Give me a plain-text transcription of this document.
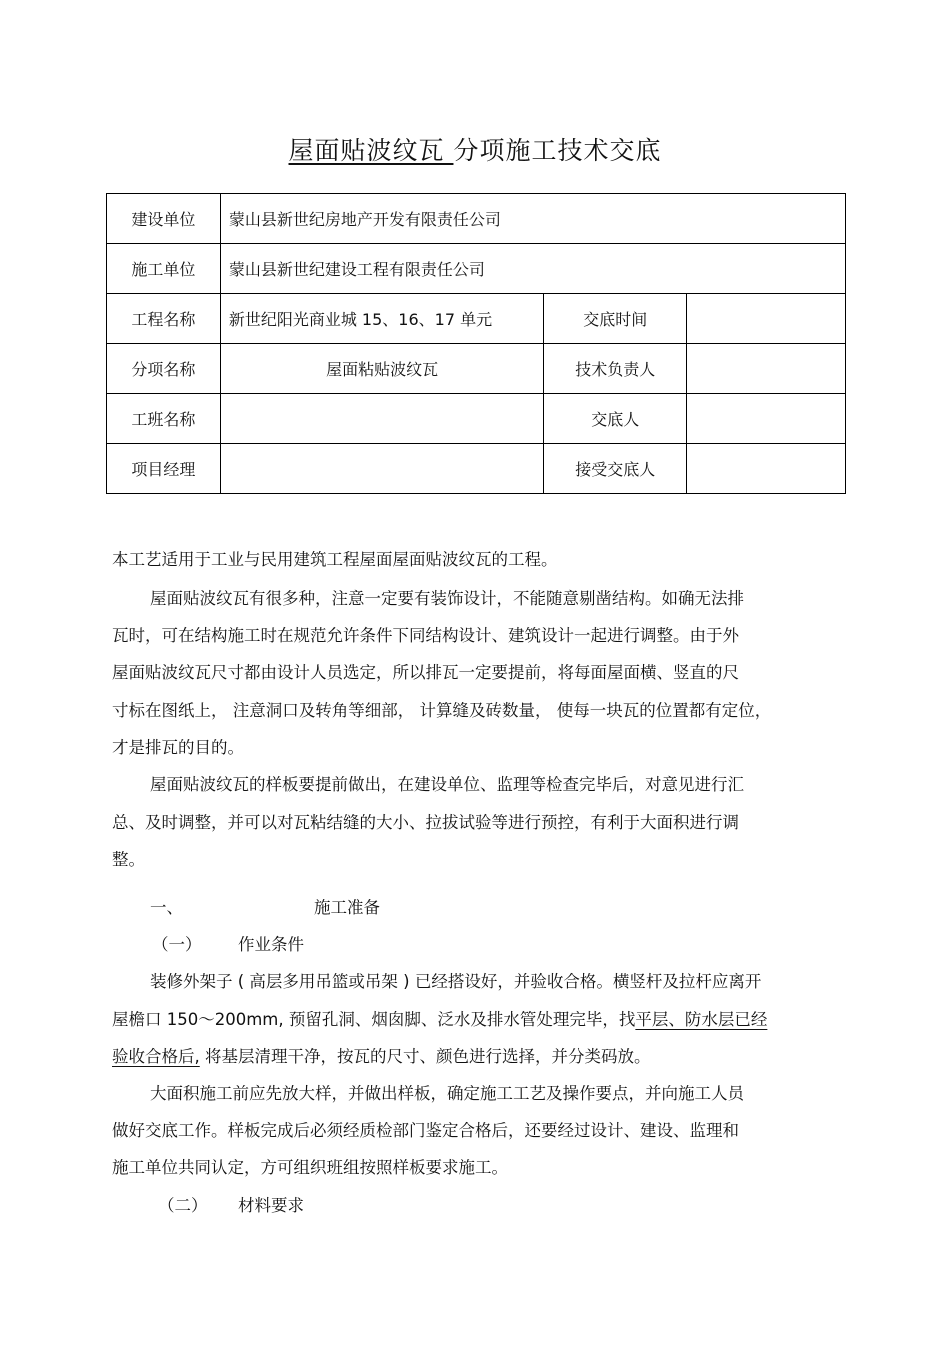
屋面贴波纹瓦 分项施工技术交底
建设单位	蒙山县新世纪房地产开发有限责任公司		
施工单位	蒙山县新世纪建设工程有限责任公司		
工程名称	新世纪阳光商业城 15、16、17 单元	交底时间	
分项名称	屋面粘贴波纹瓦	技术负责人	
工班名称		交底人	
项目经理		接受交底人	
本工艺适用于工业与民用建筑工程屋面屋面贴波纹瓦的工程。
屋面贴波纹瓦有很多种，注意一定要有装饰设计，不能随意剔凿结构。如确无法排
瓦时，可在结构施工时在规范允许条件下同结构设计、建筑设计一起进行调整。由于外
屋面贴波纹瓦尺寸都由设计人员选定，所以排瓦一定要提前，将每面屋面横、竖直的尺
寸标在图纸上， 注意洞口及转角等细部， 计算缝及砖数量， 使每一块瓦的位置都有定位，
才是排瓦的目的。
屋面贴波纹瓦的样板要提前做出，在建设单位、监理等检查完毕后，对意见进行汇
总、及时调整，并可以对瓦粘结缝的大小、拉拔试验等进行预控，有利于大面积进行调
整。
一、	施工准备
（一） 作业条件
装修外架子 ( 高层多用吊篮或吊架 ) 已经搭设好，并验收合格。横竖杆及拉杆应离开
屋檐口 150～200mm, 预留孔洞、烟囱脚、泛水及排水管处理完毕，找平层、防水层已经
验收合格后, 将基层清理干净，按瓦的尺寸、颜色进行选择，并分类码放。
大面积施工前应先放大样，并做出样板，确定施工工艺及操作要点，并向施工人员
做好交底工作。样板完成后必须经质检部门鉴定合格后，还要经过设计、建设、监理和
施工单位共同认定，方可组织班组按照样板要求施工。
（二） 材料要求
